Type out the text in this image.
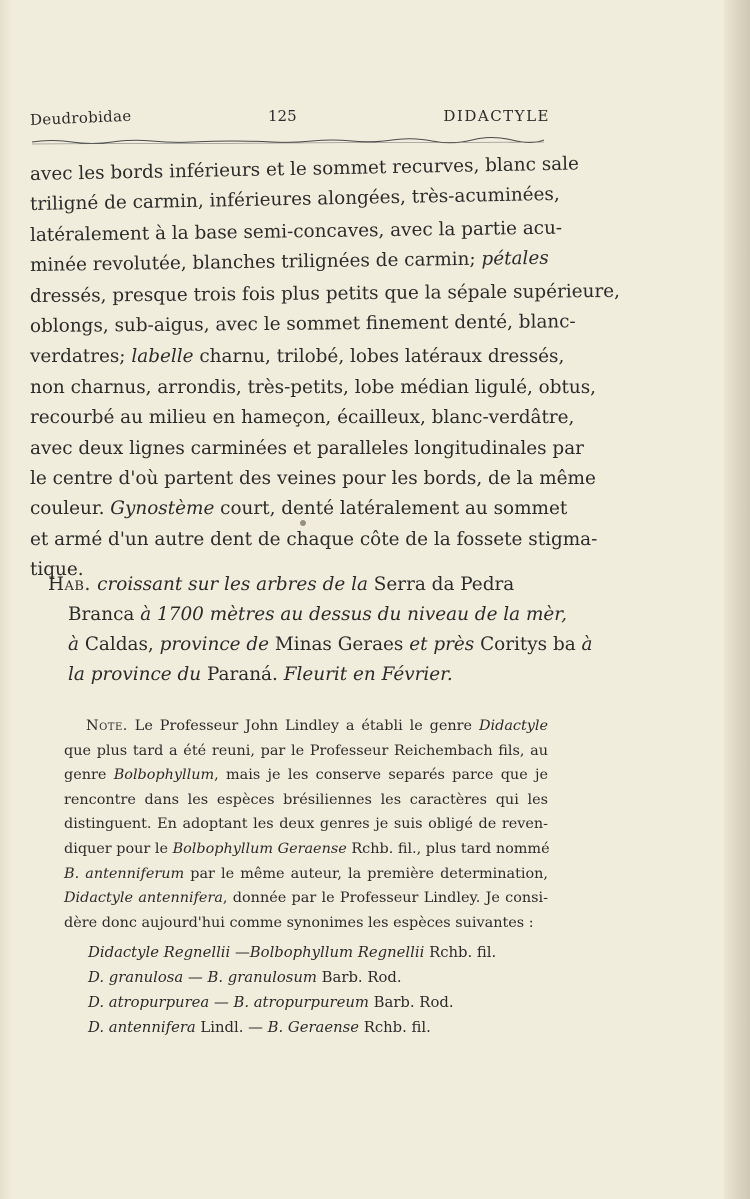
Deudrobidae	125	DIDACTYLE
avec les bords inférieurs et le sommet recurves, blanc sale
triligné de carmin, inférieures alongées, très-acuminées,
latéralement à la base semi-concaves, avec la partie acu-
minée revolutée, blanches trilignées de carmin; pétales
dressés, presque trois fois plus petits que la sépale supérieure,
oblongs, sub-aigus, avec le sommet finement denté, blanc-
verdatres; labelle charnu, trilobé, lobes latéraux dressés,
non charnus, arrondis, très-petits, lobe médian ligulé, obtus,
recourbé au milieu en hameçon, écailleux, blanc-verdâtre,
avec deux lignes carminées et paralleles longitudinales par
le centre d'où partent des veines pour les bords, de la même
couleur. Gynostème court, denté latéralement au sommet
et armé d'un autre dent de chaque côte de la fossete stigma-
tique.
Hab. croissant sur les arbres de la Serra da Pedra
Branca à 1700 mètres au dessus du niveau de la mèr,
à Caldas, province de Minas Geraes et près Coritys ba à
la province du Paraná. Fleurit en Février.
Note. Le Professeur John Lindley a établi le genre Didactyle
que plus tard a été reuni, par le Professeur Reichembach fils, au
genre Bolbophyllum, mais je les conserve separés parce que je
rencontre dans les espèces brésiliennes les caractères qui les
distinguent. En adoptant les deux genres je suis obligé de reven-
diquer pour le Bolbophyllum Geraense Rchb. fil., plus tard nommé
B. antenniferum par le même auteur, la première determination,
Didactyle antennifera, donnée par le Professeur Lindley. Je consi-
dère donc aujourd'hui comme synonimes les espèces suivantes :
Didactyle Regnellii —Bolbophyllum Regnellii Rchb. fil.
D. granulosa — B. granulosum Barb. Rod.
D. atropurpurea — B. atropurpureum Barb. Rod.
D. antennifera Lindl. — B. Geraense Rchb. fil.
